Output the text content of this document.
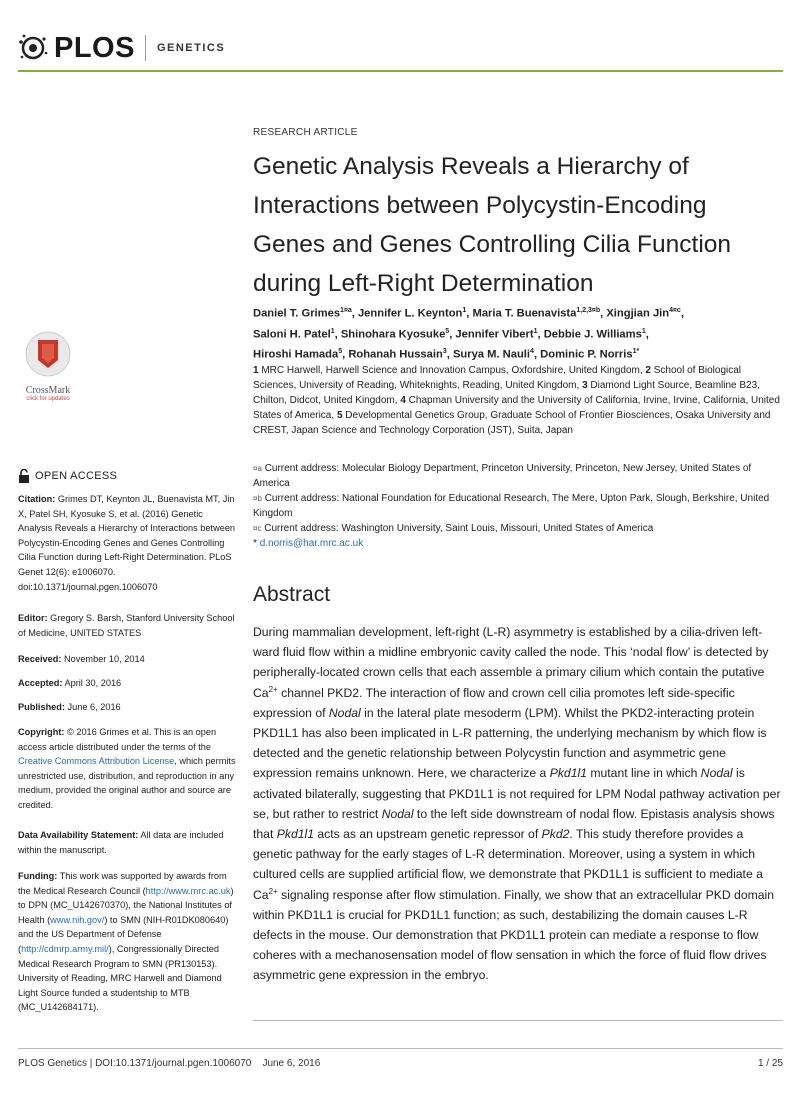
PLOS GENETICS
CrossMark
click for updates
OPEN ACCESS
Citation: Grimes DT, Keynton JL, Buenavista MT, Jin X, Patel SH, Kyosuke S, et al. (2016) Genetic Analysis Reveals a Hierarchy of Interactions between Polycystin-Encoding Genes and Genes Controlling Cilia Function during Left-Right Determination. PLoS Genet 12(6): e1006070. doi:10.1371/journal.pgen.1006070
Editor: Gregory S. Barsh, Stanford University School of Medicine, UNITED STATES
Received: November 10, 2014
Accepted: April 30, 2016
Published: June 6, 2016
Copyright: © 2016 Grimes et al. This is an open access article distributed under the terms of the Creative Commons Attribution License, which permits unrestricted use, distribution, and reproduction in any medium, provided the original author and source are credited.
Data Availability Statement: All data are included within the manuscript.
Funding: This work was supported by awards from the Medical Research Council (http://www.mrc.ac.uk) to DPN (MC_U142670370), the National Institutes of Health (www.nih.gov/) to SMN (NIH-R01DK080640) and the US Department of Defense (http://cdmrp.army.mil/), Congressionally Directed Medical Research Program to SMN (PR130153). University of Reading, MRC Harwell and Diamond Light Source funded a studentship to MTB (MC_U142684171).
RESEARCH ARTICLE
Genetic Analysis Reveals a Hierarchy of
Interactions between Polycystin-Encoding
Genes and Genes Controlling Cilia Function
during Left-Right Determination
Daniel T. Grimes$^{1¤a}$, Jennifer L. Keynton$^1$, Maria T. Buenavista$^{1,2,3¤b}$, Xingjian Jin$^{4¤c}$,
Saloni H. Patel$^1$, Shinohara Kyosuke$^5$, Jennifer Vibert$^1$, Debbie J. Williams$^1$,
Hiroshi Hamada$^5$, Rohanah Hussain$^3$, Surya M. Nauli$^4$, Dominic P. Norris$^{1*}$
1 MRC Harwell, Harwell Science and Innovation Campus, Oxfordshire, United Kingdom, 2 School of Biological Sciences, University of Reading, Whiteknights, Reading, United Kingdom, 3 Diamond Light Source, Beamline B23, Chilton, Didcot, United Kingdom, 4 Chapman University and the University of California, Irvine, Irvine, California, United States of America, 5 Developmental Genetics Group, Graduate School of Frontier Biosciences, Osaka University and CREST, Japan Science and Technology Corporation (JST), Suita, Japan
¤a Current address: Molecular Biology Department, Princeton University, Princeton, New Jersey, United States of America
¤b Current address: National Foundation for Educational Research, The Mere, Upton Park, Slough, Berkshire, United Kingdom
¤c Current address: Washington University, Saint Louis, Missouri, United States of America
* d.norris@har.mrc.ac.uk
Abstract
During mammalian development, left-right (L-R) asymmetry is established by a cilia-driven left-ward fluid flow within a midline embryonic cavity called the node. This ‘nodal flow’ is detected by peripherally-located crown cells that each assemble a primary cilium which contain the putative $Ca^{2+}$ channel PKD2. The interaction of flow and crown cell cilia promotes left side-specific expression of Nodal in the lateral plate mesoderm (LPM). Whilst the PKD2-interacting protein PKD1L1 has also been implicated in L-R patterning, the underlying mechanism by which flow is detected and the genetic relationship between Polycystin function and asymmetric gene expression remains unknown. Here, we characterize a Pkd1l1 mutant line in which Nodal is activated bilaterally, suggesting that PKD1L1 is not required for LPM Nodal pathway activation per se, but rather to restrict Nodal to the left side downstream of nodal flow. Epistasis analysis shows that Pkd1l1 acts as an upstream genetic repressor of Pkd2. This study therefore provides a genetic pathway for the early stages of L-R determination. Moreover, using a system in which cultured cells are supplied artificial flow, we demonstrate that PKD1L1 is sufficient to mediate a $Ca^{2+}$ signaling response after flow stimulation. Finally, we show that an extracellular PKD domain within PKD1L1 is crucial for PKD1L1 function; as such, destabilizing the domain causes L-R defects in the mouse. Our demonstration that PKD1L1 protein can mediate a response to flow coheres with a mechanosensation model of flow sensation in which the force of fluid flow drives asymmetric gene expression in the embryo.
PLOS Genetics | DOI:10.1371/journal.pgen.1006070 June 6, 2016	1 / 25
